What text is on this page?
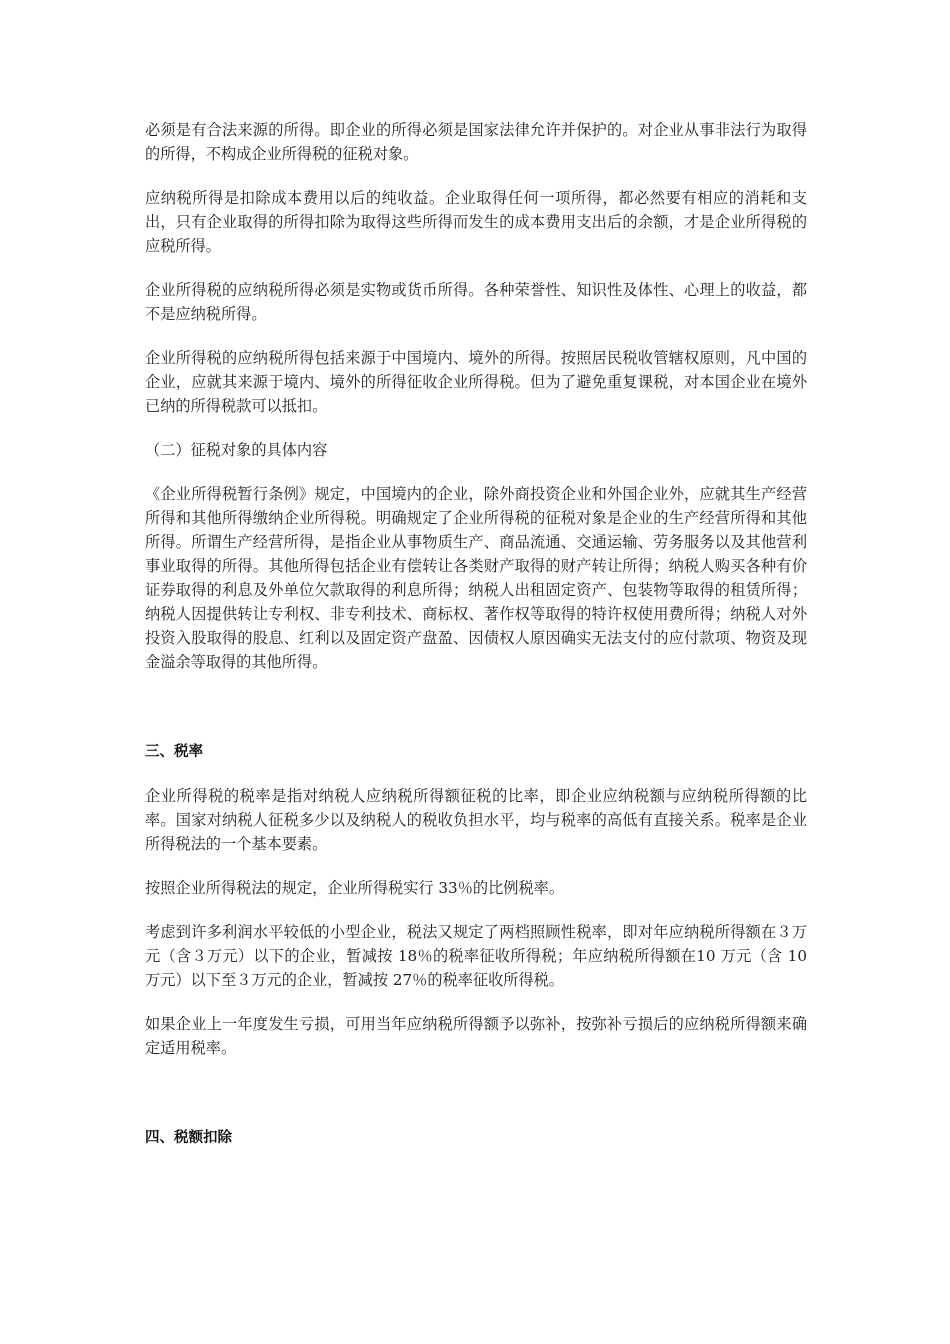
必须是有合法来源的所得。即企业的所得必须是国家法律允许并保护的。对企业从事非法行为取得的所得，不构成企业所得税的征税对象。

应纳税所得是扣除成本费用以后的纯收益。企业取得任何一项所得，都必然要有相应的消耗和支出，只有企业取得的所得扣除为取得这些所得而发生的成本费用支出后的余额，才是企业所得税的应税所得。

企业所得税的应纳税所得必须是实物或货币所得。各种荣誉性、知识性及体性、心理上的收益，都不是应纳税所得。

企业所得税的应纳税所得包括来源于中国境内、境外的所得。按照居民税收管辖权原则，凡中国的企业，应就其来源于境内、境外的所得征收企业所得税。但为了避免重复课税，对本国企业在境外已纳的所得税款可以抵扣。

（二）征税对象的具体内容

《企业所得税暂行条例》规定，中国境内的企业，除外商投资企业和外国企业外，应就其生产经营所得和其他所得缴纳企业所得税。明确规定了企业所得税的征税对象是企业的生产经营所得和其他所得。所谓生产经营所得，是指企业从事物质生产、商品流通、交通运输、劳务服务以及其他营利事业取得的所得。其他所得包括企业有偿转让各类财产取得的财产转让所得；纳税人购买各种有价证券取得的利息及外单位欠款取得的利息所得；纳税人出租固定资产、包装物等取得的租赁所得；纳税人因提供转让专利权、非专利技术、商标权、著作权等取得的特许权使用费所得；纳税人对外投资入股取得的股息、红利以及固定资产盘盈、因债权人原因确实无法支付的应付款项、物资及现金溢余等取得的其他所得。

三、税率

企业所得税的税率是指对纳税人应纳税所得额征税的比率，即企业应纳税额与应纳税所得额的比率。国家对纳税人征税多少以及纳税人的税收负担水平，均与税率的高低有直接关系。税率是企业所得税法的一个基本要素。

按照企业所得税法的规定，企业所得税实行 33％的比例税率。

考虑到许多利润水平较低的小型企业，税法又规定了两档照顾性税率，即对年应纳税所得额在３万元（含３万元）以下的企业，暂减按 18％的税率征收所得税；年应纳税所得额在10 万元（含 10 万元）以下至３万元的企业，暂减按 27％的税率征收所得税。

如果企业上一年度发生亏损，可用当年应纳税所得额予以弥补，按弥补亏损后的应纳税所得额来确定适用税率。

四、税额扣除
